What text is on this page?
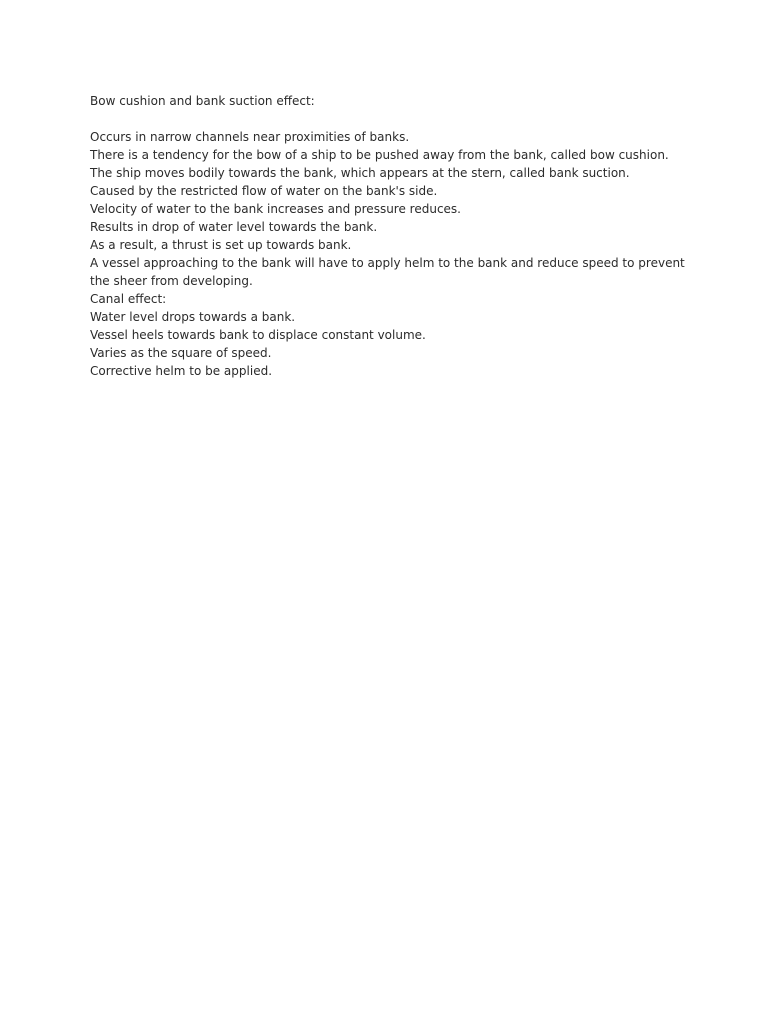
Bow cushion and bank suction effect:

Occurs in narrow channels near proximities of banks.

There is a tendency for the bow of a ship to be pushed away from the bank, called bow cushion.

The ship moves bodily towards the bank, which appears at the stern, called bank suction.

Caused by the restricted flow of water on the bank's side.

Velocity of water to the bank increases and pressure reduces.

Results in drop of water level towards the bank.

As a result, a thrust is set up towards bank.

A vessel approaching to the bank will have to apply helm to the bank and reduce speed to prevent the sheer from developing.

Canal effect:

Water level drops towards a bank.

Vessel heels towards bank to displace constant volume.

Varies as the square of speed.

Corrective helm to be applied.
